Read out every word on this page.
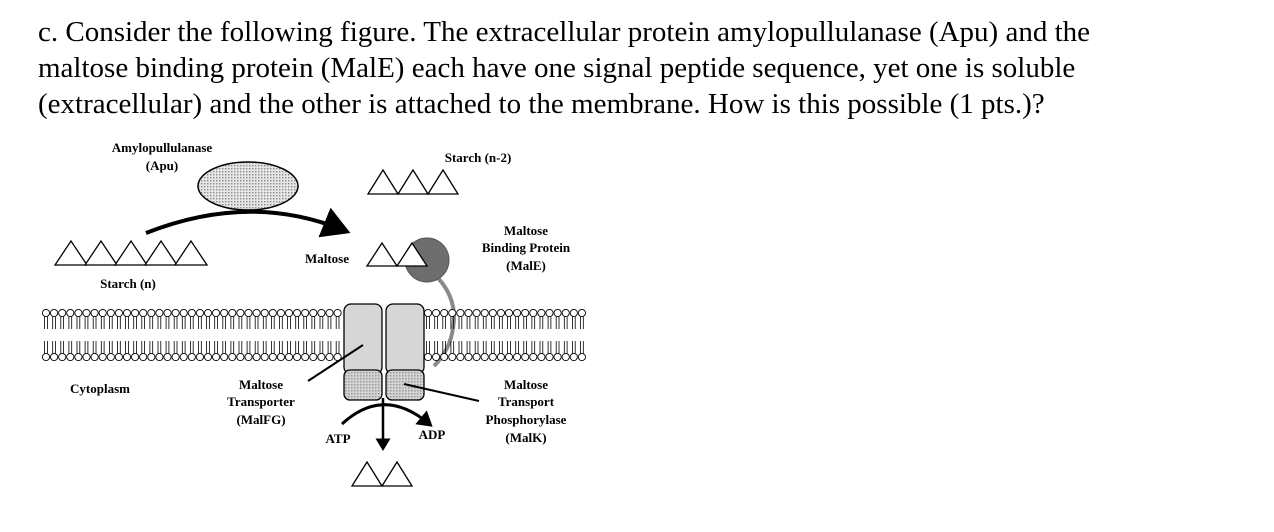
c. Consider the following figure. The extracellular protein amylopullulanase (Apu) and the
maltose binding protein (MalE) each have one signal peptide sequence, yet one is soluble
(extracellular) and the other is attached to the membrane. How is this possible (1 pts.)?
Amylopullulanase
(Apu)
Starch (n-2)
Starch (n)
Maltose
Maltose
Binding Protein
(MalE)
ATP	ADP
Cytoplasm	Maltose
Transporter
(MalFG)
Maltose
Transport
Phosphorylase
(MalK)
